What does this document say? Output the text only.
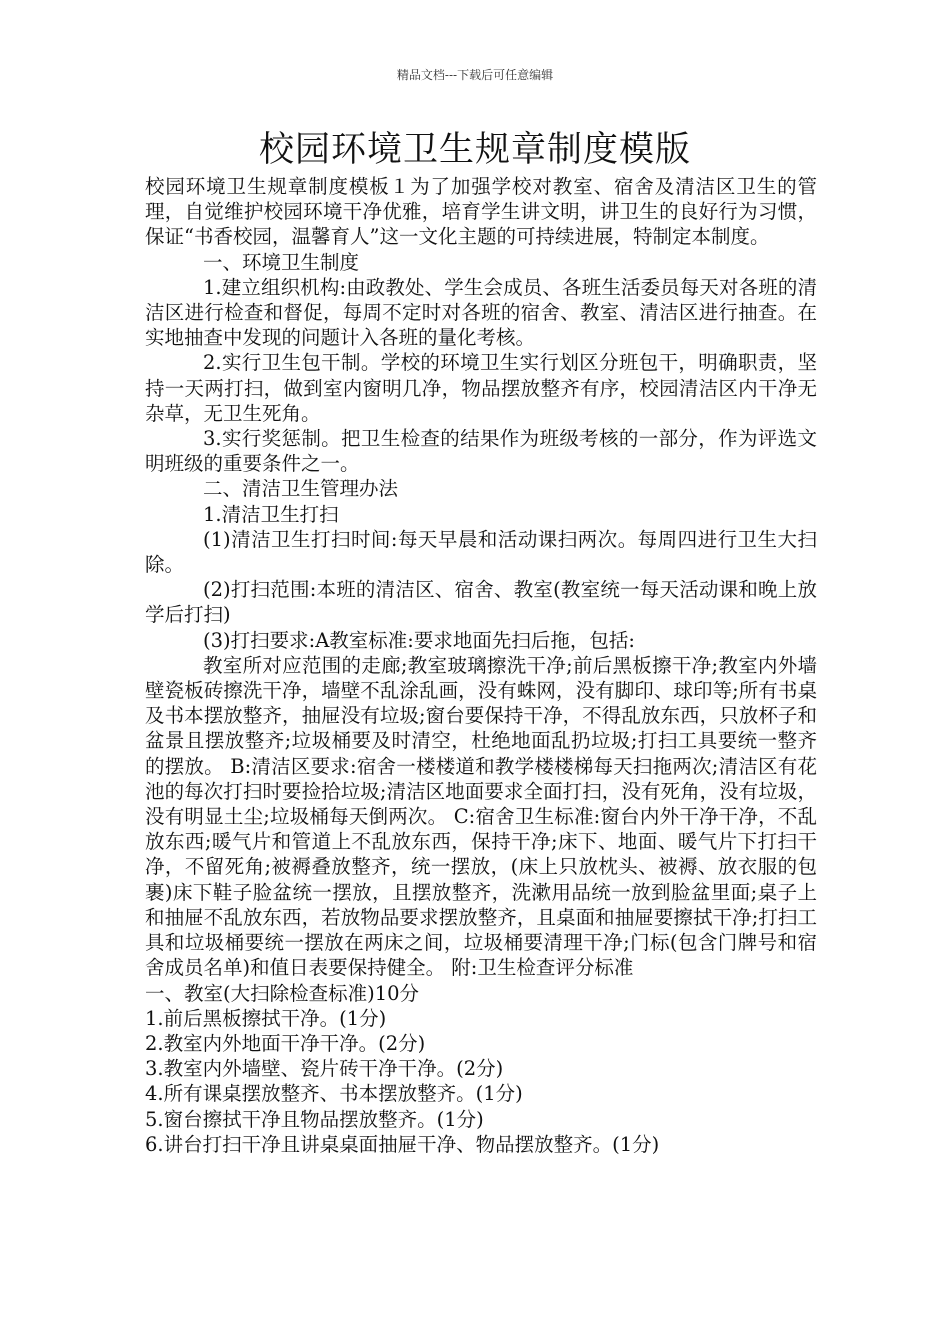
精品文档---下载后可任意编辑
校园环境卫生规章制度模版

校园环境卫生规章制度模板１为了加强学校对教室、宿舍及清洁区卫生的管理，自觉维护校园环境干净优雅，培育学生讲文明，讲卫生的良好行为习惯，保证“书香校园，温馨育人”这一文化主题的可持续进展，特制定本制度。

一、环境卫生制度

1.建立组织机构:由政教处、学生会成员、各班生活委员每天对各班的清洁区进行检查和督促，每周不定时对各班的宿舍、教室、清洁区进行抽查。在实地抽查中发现的问题计入各班的量化考核。

2.实行卫生包干制。学校的环境卫生实行划区分班包干，明确职责，坚持一天两打扫，做到室内窗明几净，物品摆放整齐有序，校园清洁区内干净无杂草，无卫生死角。

3.实行奖惩制。把卫生检查的结果作为班级考核的一部分，作为评选文明班级的重要条件之一。

二、清洁卫生管理办法

1.清洁卫生打扫

(1)清洁卫生打扫时间:每天早晨和活动课扫两次。每周四进行卫生大扫除。

(2)打扫范围:本班的清洁区、宿舍、教室(教室统一每天活动课和晚上放学后打扫)

(3)打扫要求:A教室标准:要求地面先扫后拖，包括:

教室所对应范围的走廊;教室玻璃擦洗干净;前后黑板擦干净;教室内外墙壁瓷板砖擦洗干净，墙壁不乱涂乱画，没有蛛网，没有脚印、球印等;所有书桌及书本摆放整齐，抽屉没有垃圾;窗台要保持干净，不得乱放东西，只放杯子和盆景且摆放整齐;垃圾桶要及时清空，杜绝地面乱扔垃圾;打扫工具要统一整齐的摆放。 B:清洁区要求:宿舍一楼楼道和教学楼楼梯每天扫拖两次;清洁区有花池的每次打扫时要捡拾垃圾;清洁区地面要求全面打扫，没有死角，没有垃圾，没有明显土尘;垃圾桶每天倒两次。 C:宿舍卫生标准:窗台内外干净干净，不乱放东西;暖气片和管道上不乱放东西，保持干净;床下、地面、暖气片下打扫干净，不留死角;被褥叠放整齐，统一摆放，(床上只放枕头、被褥、放衣服的包裹)床下鞋子脸盆统一摆放，且摆放整齐，洗漱用品统一放到脸盆里面;桌子上和抽屉不乱放东西，若放物品要求摆放整齐，且桌面和抽屉要擦拭干净;打扫工具和垃圾桶要统一摆放在两床之间，垃圾桶要清理干净;门标(包含门牌号和宿舍成员名单)和值日表要保持健全。 附:卫生检查评分标准

一、教室(大扫除检查标准)10分

1.前后黑板擦拭干净。(1分)

2.教室内外地面干净干净。(2分)

3.教室内外墙壁、瓷片砖干净干净。(2分)

4.所有课桌摆放整齐、书本摆放整齐。(1分)

5.窗台擦拭干净且物品摆放整齐。(1分)

6.讲台打扫干净且讲桌桌面抽屉干净、物品摆放整齐。(1分)
